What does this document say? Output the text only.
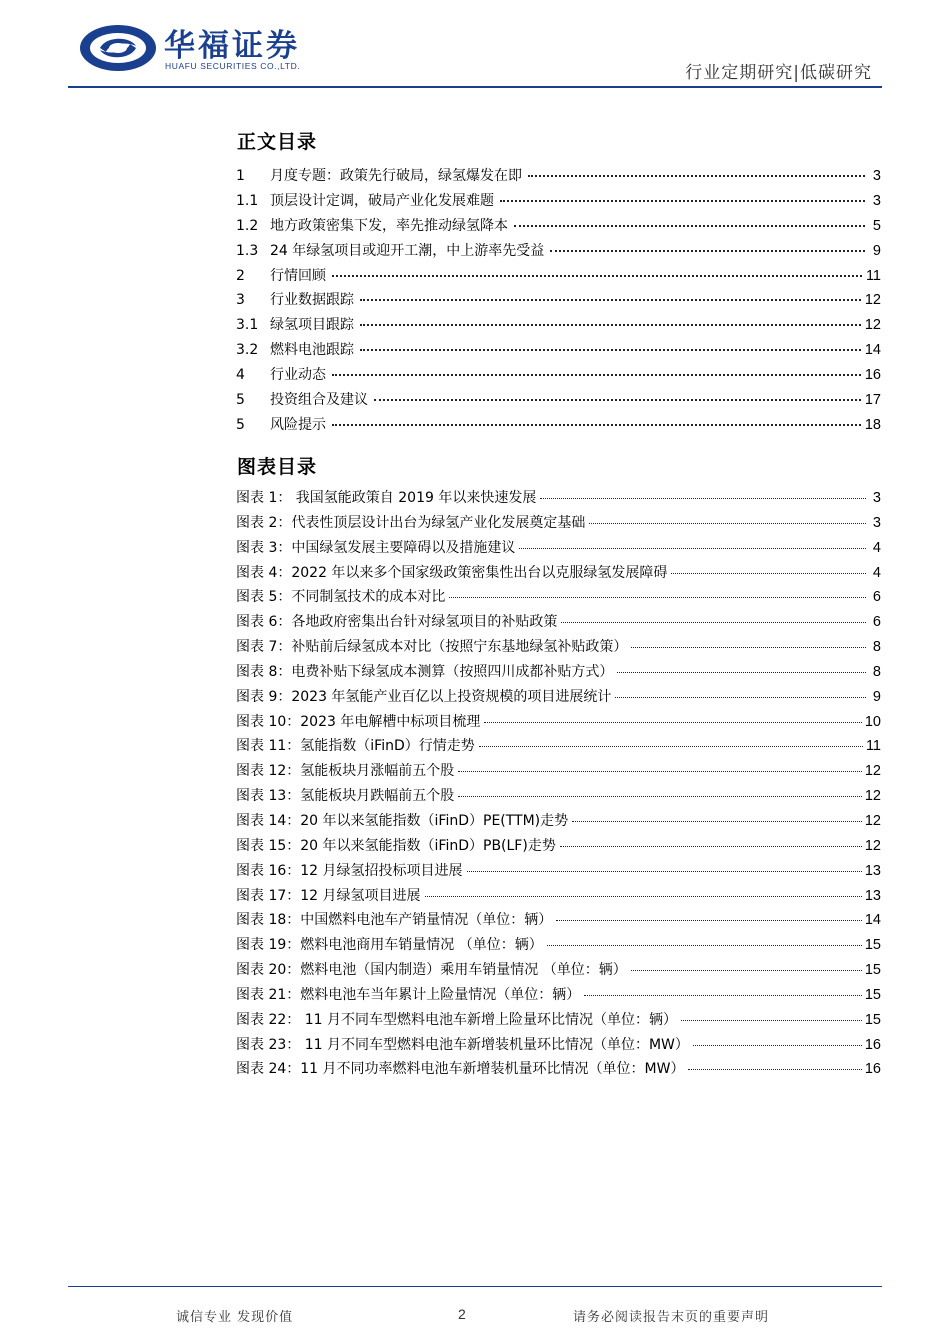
华福证券
HUAFU SECURITIES CO.,LTD.	行业定期研究|低碳研究
正文目录
1	月度专题：政策先行破局，绿氢爆发在即	3
1.1 顶层设计定调，破局产业化发展难题	3
1.2 地方政策密集下发，率先推动绿氢降本	5
1.3 24 年绿氢项目或迎开工潮，中上游率先受益	9
2	行情回顾	11
3	行业数据跟踪	12
3.1 绿氢项目跟踪	12
3.2 燃料电池跟踪	14
4	行业动态	16
5	投资组合及建议	17
5	风险提示	18
图表目录
图表 1： 我国氢能政策自 2019 年以来快速发展	3
图表 2：代表性顶层设计出台为绿氢产业化发展奠定基础	3
图表 3：中国绿氢发展主要障碍以及措施建议	4
图表 4：2022 年以来多个国家级政策密集性出台以克服绿氢发展障碍	4
图表 5：不同制氢技术的成本对比	6
图表 6：各地政府密集出台针对绿氢项目的补贴政策	6
图表 7：补贴前后绿氢成本对比（按照宁东基地绿氢补贴政策）	8
图表 8：电费补贴下绿氢成本测算（按照四川成都补贴方式）	8
图表 9：2023 年氢能产业百亿以上投资规模的项目进展统计	9
图表 10：2023 年电解槽中标项目梳理	10
图表 11：氢能指数（iFinD）行情走势	11
图表 12：氢能板块月涨幅前五个股	12
图表 13：氢能板块月跌幅前五个股	12
图表 14：20 年以来氢能指数（iFinD）PE(TTM)走势	12
图表 15：20 年以来氢能指数（iFinD）PB(LF)走势	12
图表 16：12 月绿氢招投标项目进展	13
图表 17：12 月绿氢项目进展	13
图表 18：中国燃料电池车产销量情况（单位：辆）	14
图表 19：燃料电池商用车销量情况 （单位：辆）	15
图表 20：燃料电池（国内制造）乘用车销量情况 （单位：辆）	15
图表 21：燃料电池车当年累计上险量情况（单位：辆）	15
图表 22： 11 月不同车型燃料电池车新增上险量环比情况（单位：辆）	15
图表 23： 11 月不同车型燃料电池车新增装机量环比情况（单位：MW）	16
图表 24：11 月不同功率燃料电池车新增装机量环比情况（单位：MW）	16
诚信专业 发现价值	2	请务必阅读报告末页的重要声明
